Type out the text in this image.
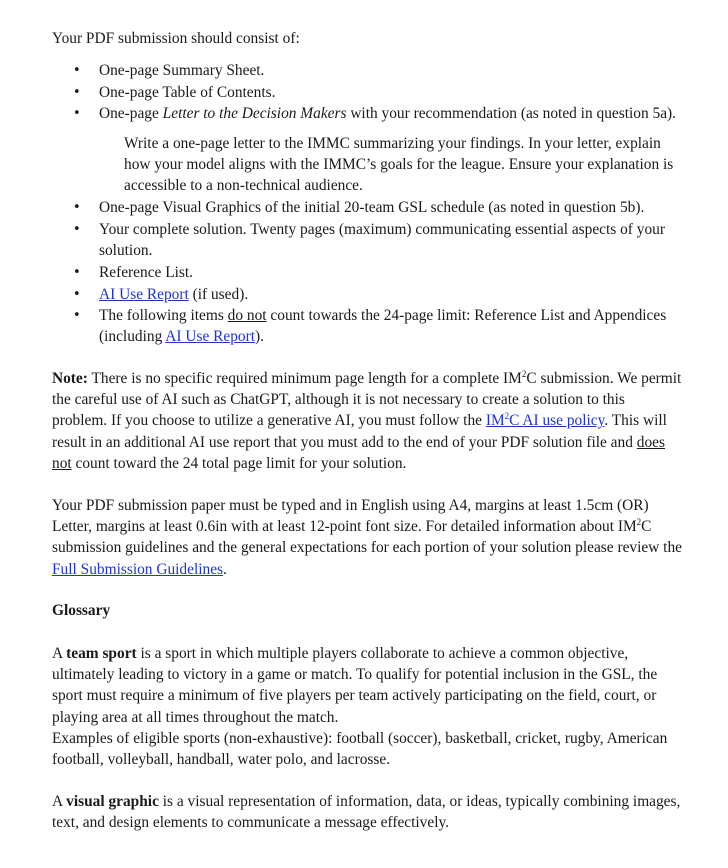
Your PDF submission should consist of:
• One-page Summary Sheet.
• One-page Table of Contents.
• One-page Letter to the Decision Makers with your recommendation (as noted in question 5a).
Write a one-page letter to the IMMC summarizing your findings. In your letter, explain how your model aligns with the IMMC’s goals for the league. Ensure your explanation is accessible to a non-technical audience.
• One-page Visual Graphics of the initial 20-team GSL schedule (as noted in question 5b).
• Your complete solution. Twenty pages (maximum) communicating essential aspects of your solution.
• Reference List.
• AI Use Report (if used).
• The following items do not count towards the 24-page limit: Reference List and Appendices (including AI Use Report).
Note: There is no specific required minimum page length for a complete $IM^2C$ submission. We permit the careful use of AI such as ChatGPT, although it is not necessary to create a solution to this problem. If you choose to utilize a generative AI, you must follow the $IM^2C$ AI use policy. This will result in an additional AI use report that you must add to the end of your PDF solution file and does not count toward the 24 total page limit for your solution.
Your PDF submission paper must be typed and in English using A4, margins at least 1.5cm (OR) Letter, margins at least 0.6in with at least 12-point font size. For detailed information about $IM^2C$ submission guidelines and the general expectations for each portion of your solution please review the Full Submission Guidelines.
Glossary
A team sport is a sport in which multiple players collaborate to achieve a common objective, ultimately leading to victory in a game or match. To qualify for potential inclusion in the GSL, the sport must require a minimum of five players per team actively participating on the field, court, or playing area at all times throughout the match.
Examples of eligible sports (non-exhaustive): football (soccer), basketball, cricket, rugby, American football, volleyball, handball, water polo, and lacrosse.
A visual graphic is a visual representation of information, data, or ideas, typically combining images, text, and design elements to communicate a message effectively.
